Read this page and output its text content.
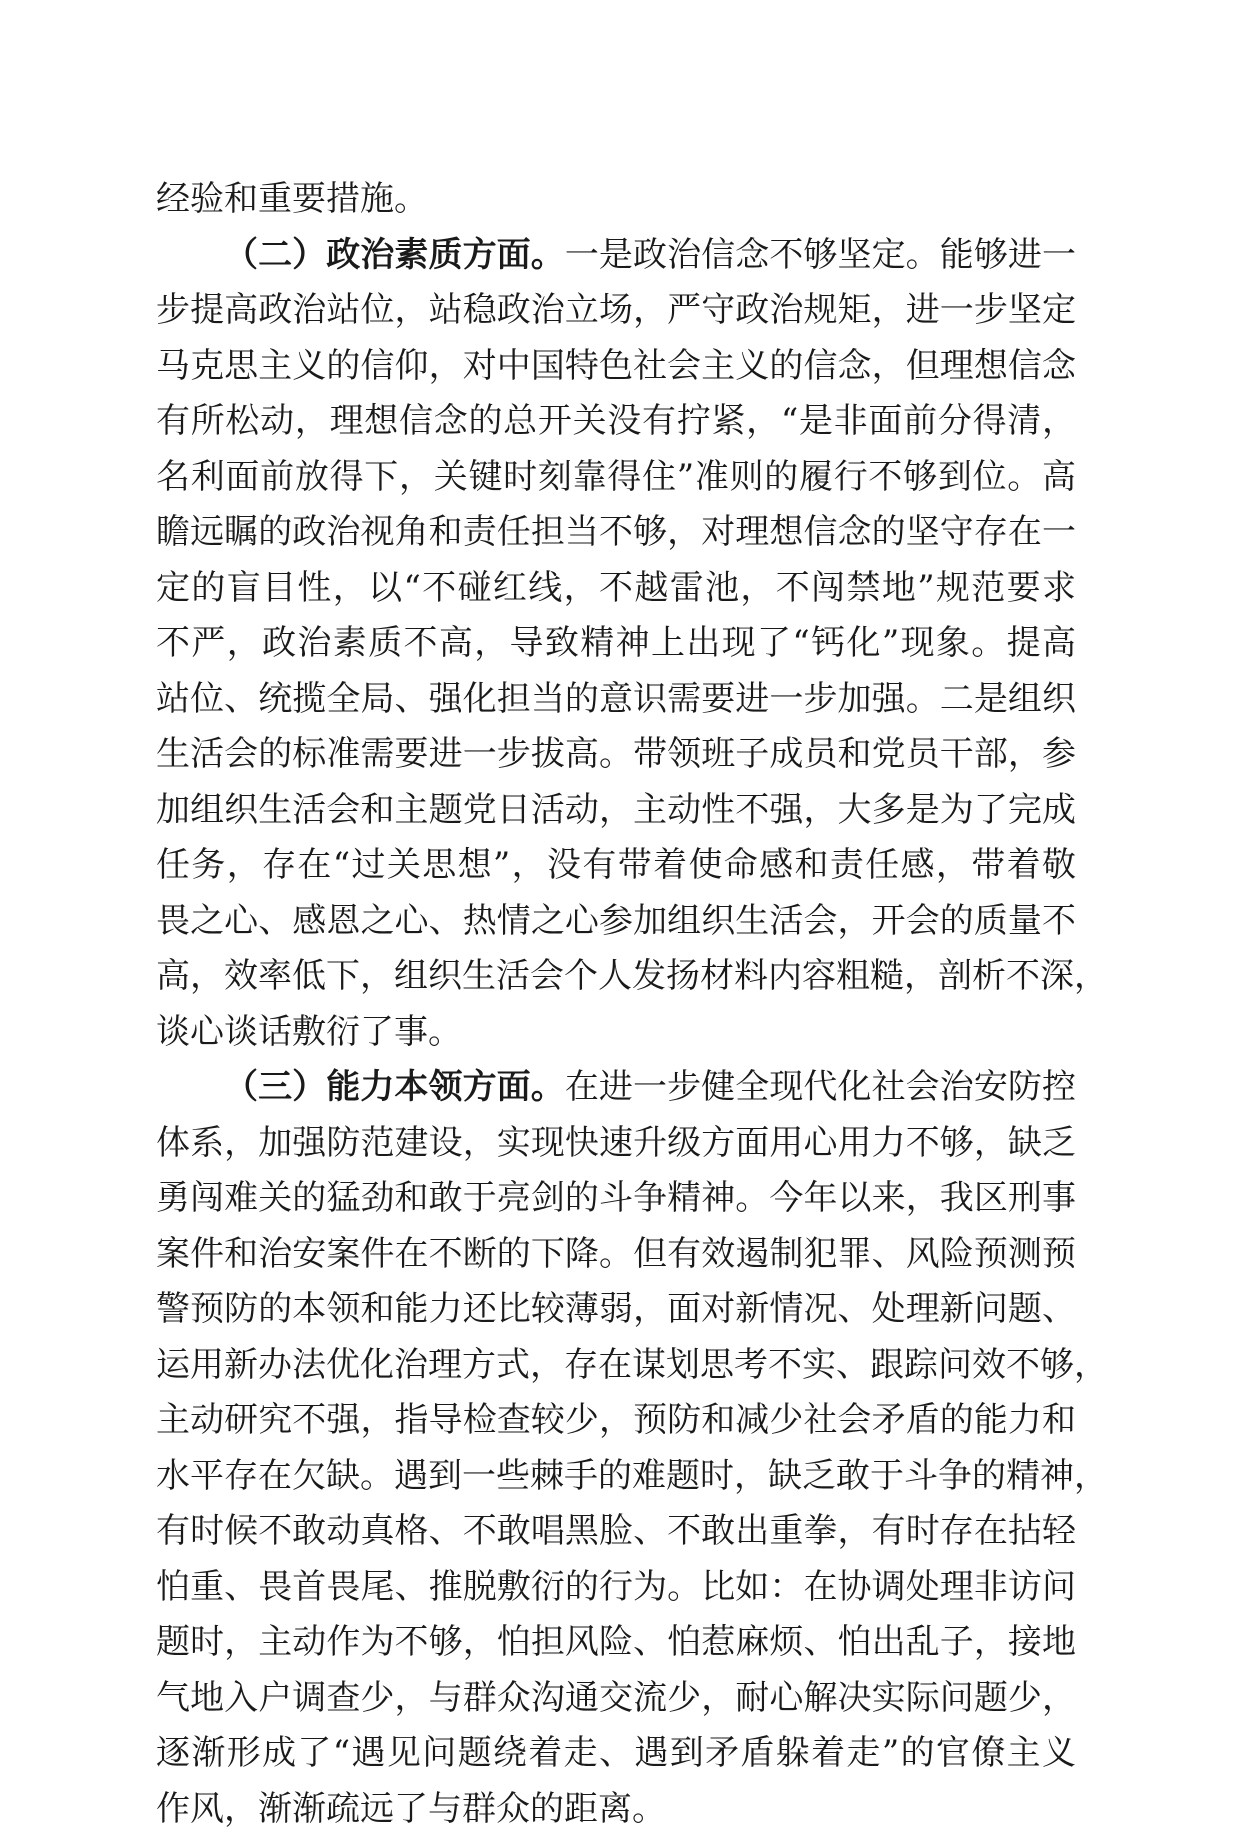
经验和重要措施。
（二）政治素质方面。一是政治信念不够坚定。能够进一
步提高政治站位，站稳政治立场，严守政治规矩，进一步坚定
马克思主义的信仰，对中国特色社会主义的信念，但理想信念
有所松动，理想信念的总开关没有拧紧，“是非面前分得清，
名利面前放得下，关键时刻靠得住”准则的履行不够到位。高
瞻远瞩的政治视角和责任担当不够，对理想信念的坚守存在一
定的盲目性，以“不碰红线，不越雷池，不闯禁地”规范要求
不严，政治素质不高，导致精神上出现了“钙化”现象。提高
站位、统揽全局、强化担当的意识需要进一步加强。二是组织
生活会的标准需要进一步拔高。带领班子成员和党员干部，参
加组织生活会和主题党日活动，主动性不强，大多是为了完成
任务，存在“过关思想”，没有带着使命感和责任感，带着敬
畏之心、感恩之心、热情之心参加组织生活会，开会的质量不
高，效率低下，组织生活会个人发扬材料内容粗糙，剖析不深，
谈心谈话敷衍了事。
（三）能力本领方面。在进一步健全现代化社会治安防控
体系，加强防范建设，实现快速升级方面用心用力不够，缺乏
勇闯难关的猛劲和敢于亮剑的斗争精神。今年以来，我区刑事
案件和治安案件在不断的下降。但有效遏制犯罪、风险预测预
警预防的本领和能力还比较薄弱，面对新情况、处理新问题、
运用新办法优化治理方式，存在谋划思考不实、跟踪问效不够，
主动研究不强，指导检查较少，预防和减少社会矛盾的能力和
水平存在欠缺。遇到一些棘手的难题时，缺乏敢于斗争的精神，
有时候不敢动真格、不敢唱黑脸、不敢出重拳，有时存在拈轻
怕重、畏首畏尾、推脱敷衍的行为。比如：在协调处理非访问
题时，主动作为不够，怕担风险、怕惹麻烦、怕出乱子，接地
气地入户调查少，与群众沟通交流少，耐心解决实际问题少，
逐渐形成了“遇见问题绕着走、遇到矛盾躲着走”的官僚主义
作风，渐渐疏远了与群众的距离。
